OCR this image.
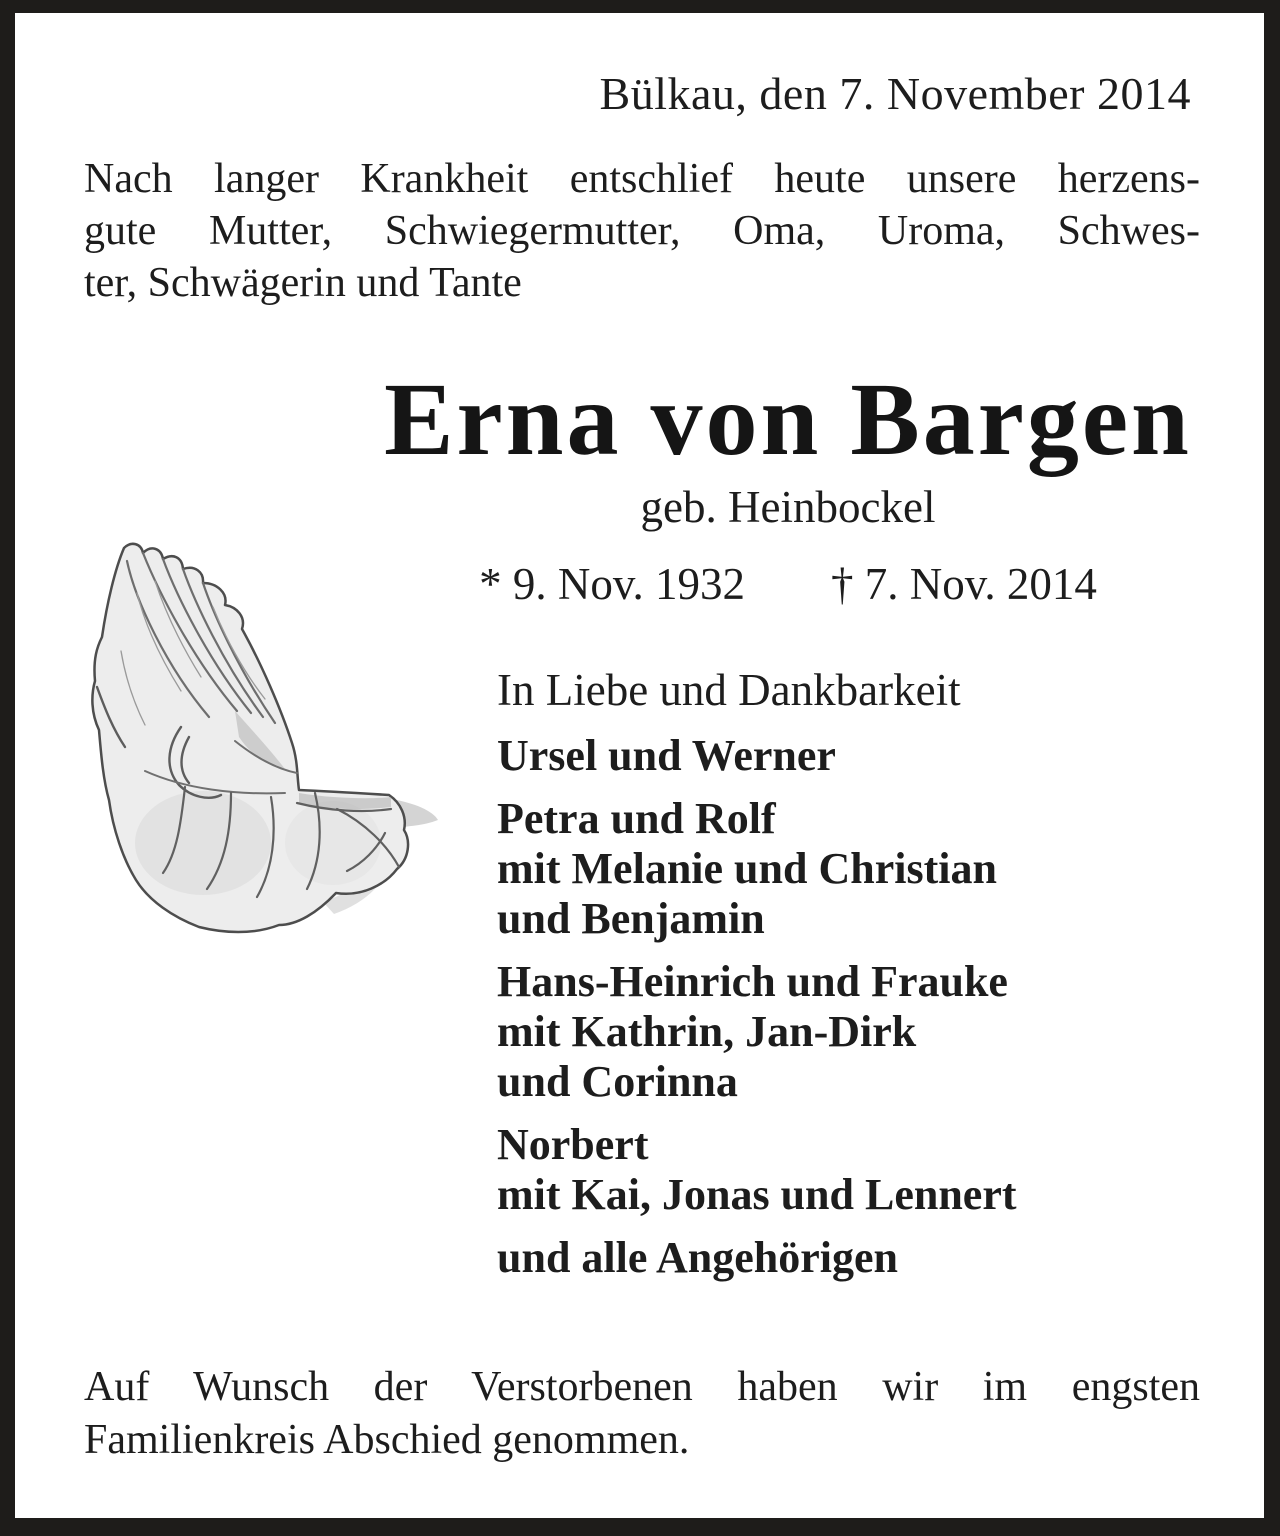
Bülkau, den 7. November 2014
Nach langer Krankheit entschlief heute unsere herzens-
gute Mutter, Schwiegermutter, Oma, Uroma, Schwes-
ter, Schwägerin und Tante
Erna von Bargen
geb. Heinbockel
* 9. Nov. 1932 † 7. Nov. 2014
In Liebe und Dankbarkeit
Ursel und Werner
Petra und Rolf
mit Melanie und Christian
und Benjamin
Hans-Heinrich und Frauke
mit Kathrin, Jan-Dirk
und Corinna
Norbert
mit Kai, Jonas und Lennert
und alle Angehörigen
Auf Wunsch der Verstorbenen haben wir im engsten
Familienkreis Abschied genommen.
